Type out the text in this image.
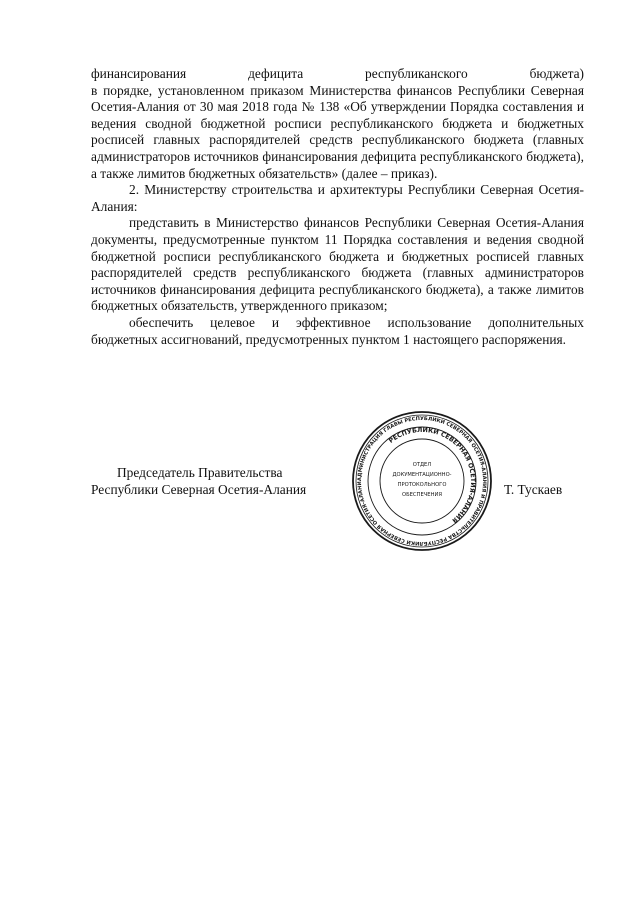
финансирования дефицита республиканского бюджета)

в порядке, установленном приказом Министерства финансов Республики Северная Осетия-Алания от 30 мая 2018 года № 138 «Об утверждении Порядка составления и ведения сводной бюджетной росписи республиканского бюджета и бюджетных росписей главных распорядителей средств республиканского бюджета (главных администраторов источников финансирования дефицита республиканского бюджета), а также лимитов бюджетных обязательств» (далее – приказ).

2. Министерству строительства и архитектуры Республики Северная Осетия-Алания:

представить в Министерство финансов Республики Северная Осетия-Алания документы, предусмотренные пунктом 11 Порядка составления и ведения сводной бюджетной росписи республиканского бюджета и бюджетных росписей главных распорядителей средств республиканского бюджета (главных администраторов источников финансирования дефицита республиканского бюджета), а также лимитов бюджетных обязательств, утвержденного приказом;

обеспечить целевое и эффективное использование дополнительных бюджетных ассигнований, предусмотренных пунктом 1 настоящего распоряжения.

Председатель Правительства
Республики Северная Осетия-Алания
АДМИНИСТРАЦИЯ ГЛАВЫ РЕСПУБЛИКИ СЕВЕРНАЯ ОСЕТИЯ-АЛАНИЯ И ПРАВИТЕЛЬСТВА РЕСПУБЛИКИ СЕВЕРНАЯ ОСЕТИЯ-АЛАНИ
РЕСПУБЛИКИ СЕВЕРНАЯ ОСЕТИЯ-АЛАНИЯ
ОТДЕЛ
ДОКУМЕНТАЦИОННО-
ПРОТОКОЛЬНОГО
ОБЕСПЕЧЕНИЯ	Т. Тускаев
